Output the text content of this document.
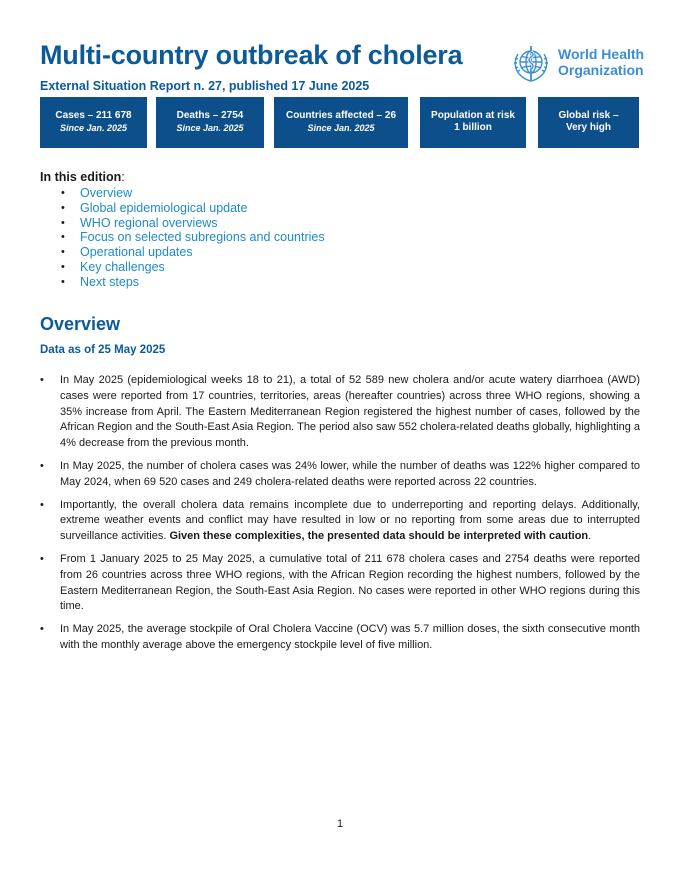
Multi-country outbreak of cholera
External Situation Report n. 27, published 17 June 2025
World Health
Organization
Cases – 211 678
Since Jan. 2025
Deaths – 2754
Since Jan. 2025
Countries affected – 26
Since Jan. 2025
Population at risk
1 billion
Global risk –
Very high
In this edition:
• Overview
• Global epidemiological update
• WHO regional overviews
• Focus on selected subregions and countries
• Operational updates
• Key challenges
• Next steps
Overview
Data as of 25 May 2025
• In May 2025 (epidemiological weeks 18 to 21), a total of 52 589 new cholera and/or acute watery diarrhoea (AWD) cases were reported from 17 countries, territories, areas (hereafter countries) across three WHO regions, showing a 35% increase from April. The Eastern Mediterranean Region registered the highest number of cases, followed by the African Region and the South-East Asia Region. The period also saw 552 cholera-related deaths globally, highlighting a 4% decrease from the previous month.
• In May 2025, the number of cholera cases was 24% lower, while the number of deaths was 122% higher compared to May 2024, when 69 520 cases and 249 cholera-related deaths were reported across 22 countries.
• Importantly, the overall cholera data remains incomplete due to underreporting and reporting delays. Additionally, extreme weather events and conflict may have resulted in low or no reporting from some areas due to interrupted surveillance activities. Given these complexities, the presented data should be interpreted with caution.
• From 1 January 2025 to 25 May 2025, a cumulative total of 211 678 cholera cases and 2754 deaths were reported from 26 countries across three WHO regions, with the African Region recording the highest numbers, followed by the Eastern Mediterranean Region, the South-East Asia Region. No cases were reported in other WHO regions during this time.
• In May 2025, the average stockpile of Oral Cholera Vaccine (OCV) was 5.7 million doses, the sixth consecutive month with the monthly average above the emergency stockpile level of five million.
1
